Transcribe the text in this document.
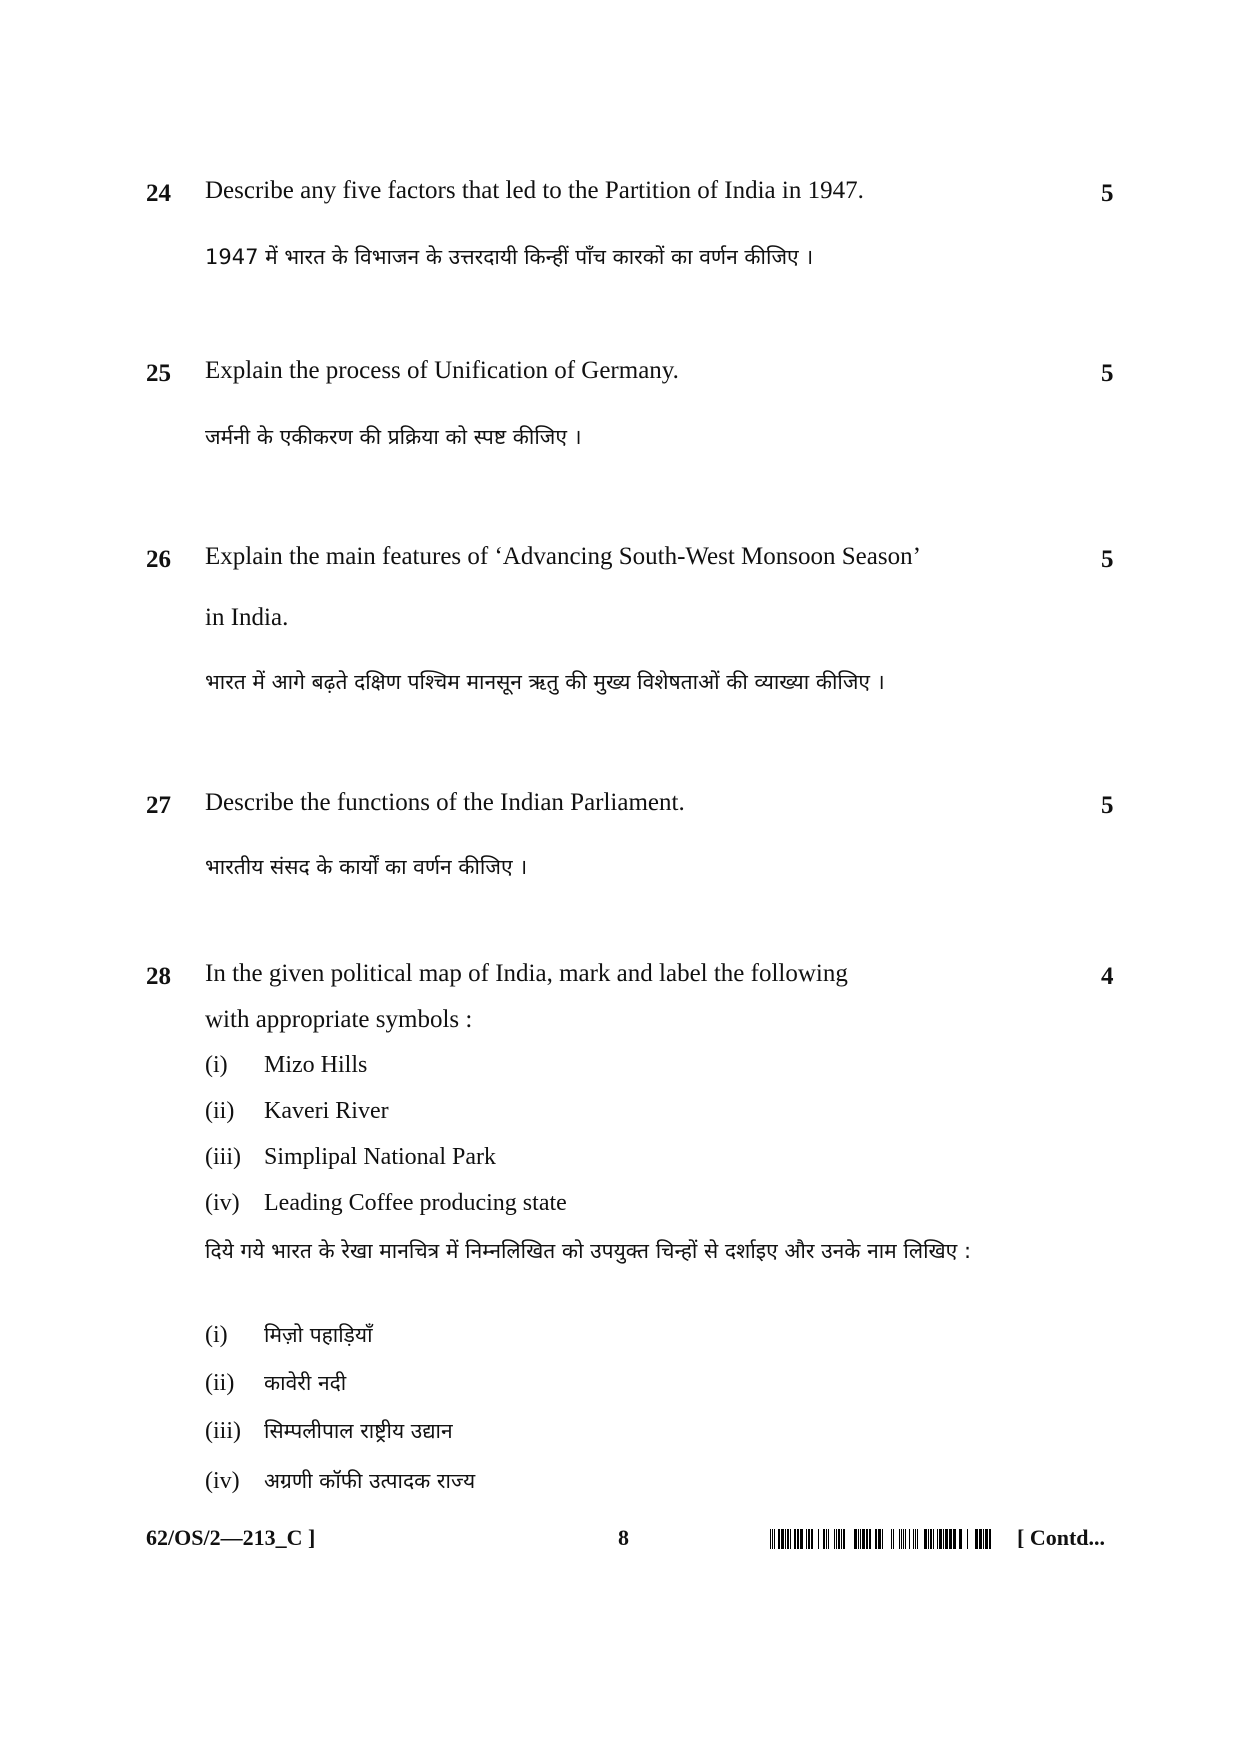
24 Describe any five factors that led to the Partition of India in 1947.	5
1947 में भारत के विभाजन के उत्तरदायी किन्हीं पाँच कारकों का वर्णन कीजिए ।
25 Explain the process of Unification of Germany.	5
जर्मनी के एकीकरण की प्रक्रिया को स्पष्ट कीजिए ।
26 Explain the main features of ‘Advancing South-West Monsoon Season’
in India.
5
भारत में आगे बढ़ते दक्षिण पश्चिम मानसून ऋतु की मुख्य विशेषताओं की व्याख्या कीजिए ।
27 Describe the functions of the Indian Parliament.	5
भारतीय संसद के कार्यों का वर्णन कीजिए ।
28 In the given political map of India, mark and label the following
with appropriate symbols :
4
(i) Mizo Hills
(ii) Kaveri River
(iii) Simplipal National Park
(iv) Leading Coffee producing state
दिये गये भारत के रेखा मानचित्र में निम्नलिखित को उपयुक्त चिन्हों से दर्शाइए और उनके नाम लिखिए :
(i) मिज़ो पहाड़ियाँ
(ii) कावेरी नदी
(iii) सिम्पलीपाल राष्ट्रीय उद्यान
(iv) अग्रणी कॉफी उत्पादक राज्य
62/OS/2—213_C ]	8	[ Contd...
